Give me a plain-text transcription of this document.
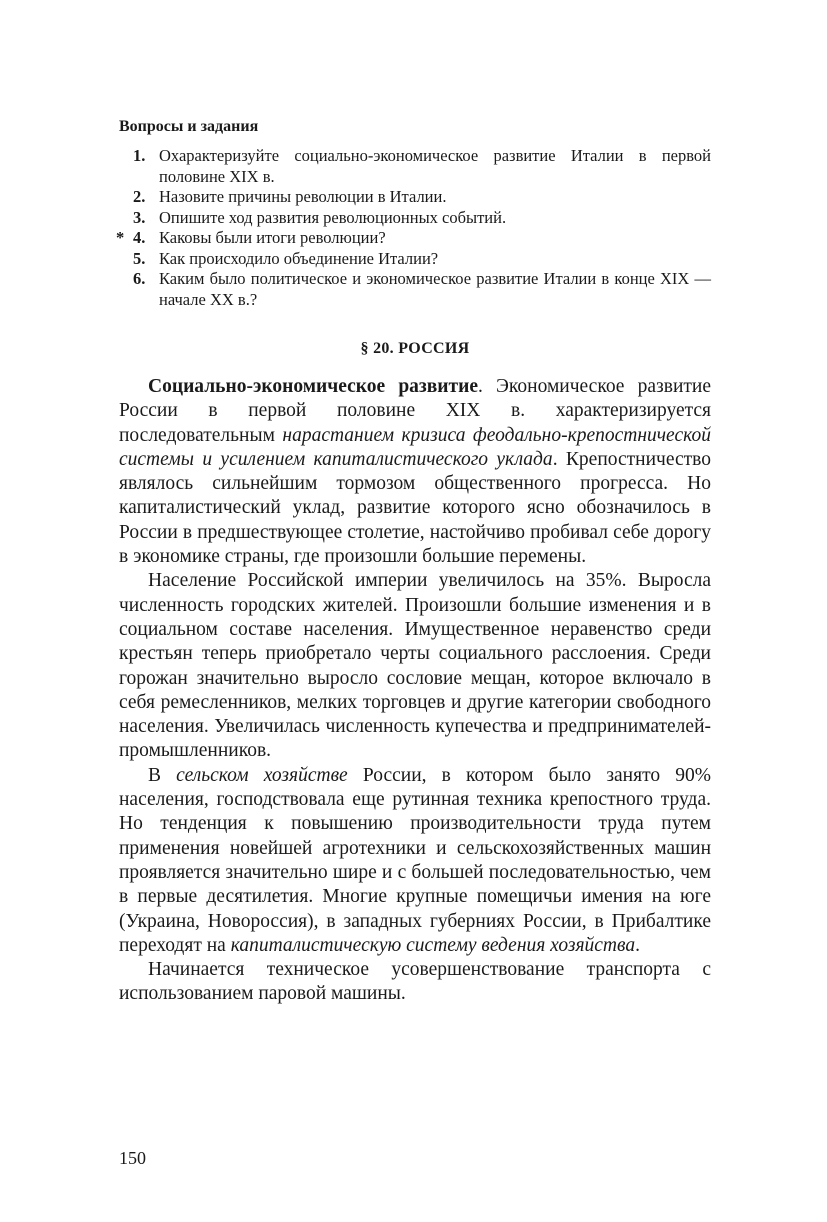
Вопросы и задания
1. Охарактеризуйте социально-экономическое развитие Италии в первой половине XIX в.
2. Назовите причины революции в Италии.
3. Опишите ход развития революционных событий.
* 4. Каковы были итоги революции?
5. Как происходило объединение Италии?
6. Каким было политическое и экономическое развитие Италии в конце XIX — начале XX в.?
§ 20. РОССИЯ

Социально-экономическое развитие. Экономическое развитие России в первой половине XIX в. характеризируется последовательным нарастанием кризиса феодально-крепостнической системы и усилением капиталистического уклада. Крепостничество являлось сильнейшим тормозом общественного прогресса. Но капиталистический уклад, развитие которого ясно обозначилось в России в предшествующее столетие, настойчиво пробивал себе дорогу в экономике страны, где произошли большие перемены.

Население Российской империи увеличилось на 35%. Выросла численность городских жителей. Произошли большие изменения и в социальном составе населения. Имущественное неравенство среди крестьян теперь приобретало черты социального расслоения. Среди горожан значительно выросло сословие мещан, которое включало в себя ремесленников, мелких торговцев и другие категории свободного населения. Увеличилась численность купечества и предпринимателей-промышленников.

В сельском хозяйстве России, в котором было занято 90% населения, господствовала еще рутинная техника крепостного труда. Но тенденция к повышению производительности труда путем применения новейшей агротехники и сельскохозяйственных машин проявляется значительно шире и с большей последовательностью, чем в первые десятилетия. Многие крупные помещичьи имения на юге (Украина, Новороссия), в западных губерниях России, в Прибалтике переходят на капиталистическую систему ведения хозяйства.

Начинается техническое усовершенствование транспорта с использованием паровой машины.

150
